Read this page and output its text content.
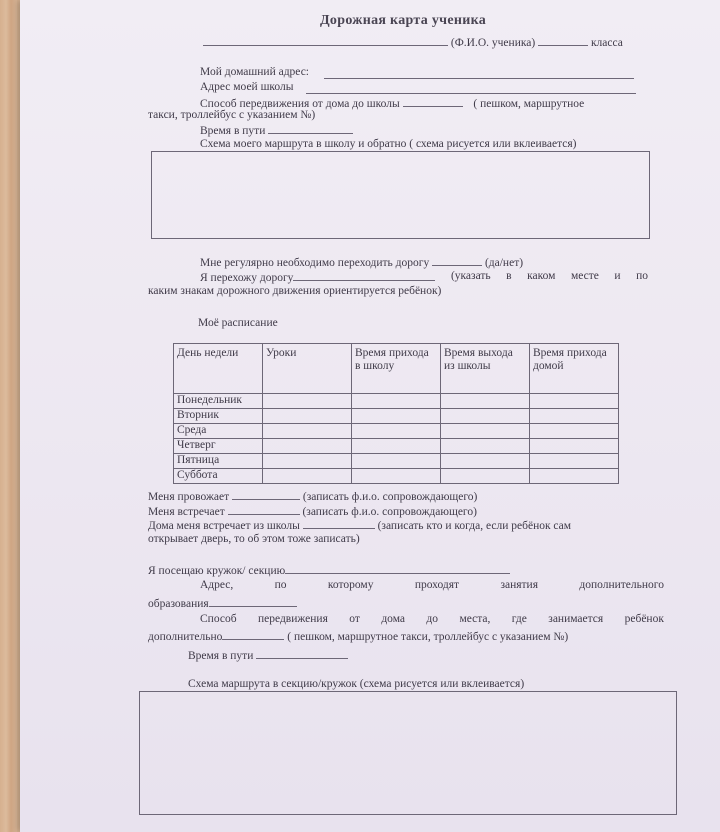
Дорожная карта ученика
(Ф.И.О. ученика)	класса
Мой домашний адрес:
Адрес моей школы
Способ передвижения от дома до школы	( пешком, маршрутное
такси, троллейбус с указанием №)
Время в пути
Схема моего маршрута в школу и обратно ( схема рисуется или вклеивается)
Мне регулярно необходимо переходить дорогу	(да/нет)
Я перехожу дорогу	(указать в каком месте и по
каким знакам дорожного движения ориентируется ребёнок)
Моё расписание
День недели	Уроки	Время прихода в школу	Время выхода из школы	Время прихода домой
Понедельник				
Вторник				
Среда				
Четверг				
Пятница				
Суббота				
Меня провожает	(записать ф.и.о. сопровождающего)
Меня встречает	(записать ф.и.о. сопровождающего)
Дома меня встречает из школы	(записать кто и когда, если ребёнок сам
открывает дверь, то об этом тоже записать)
Я посещаю кружок/ секцию
Адрес,	по	которому	проходят	занятия	дополнительного
образования
Способ передвижения от дома до места, где занимается ребёнок
дополнительно	( пешком, маршрутное такси, троллейбус с указанием №)
Время в пути
Схема маршрута в секцию/кружок (схема рисуется или вклеивается)
